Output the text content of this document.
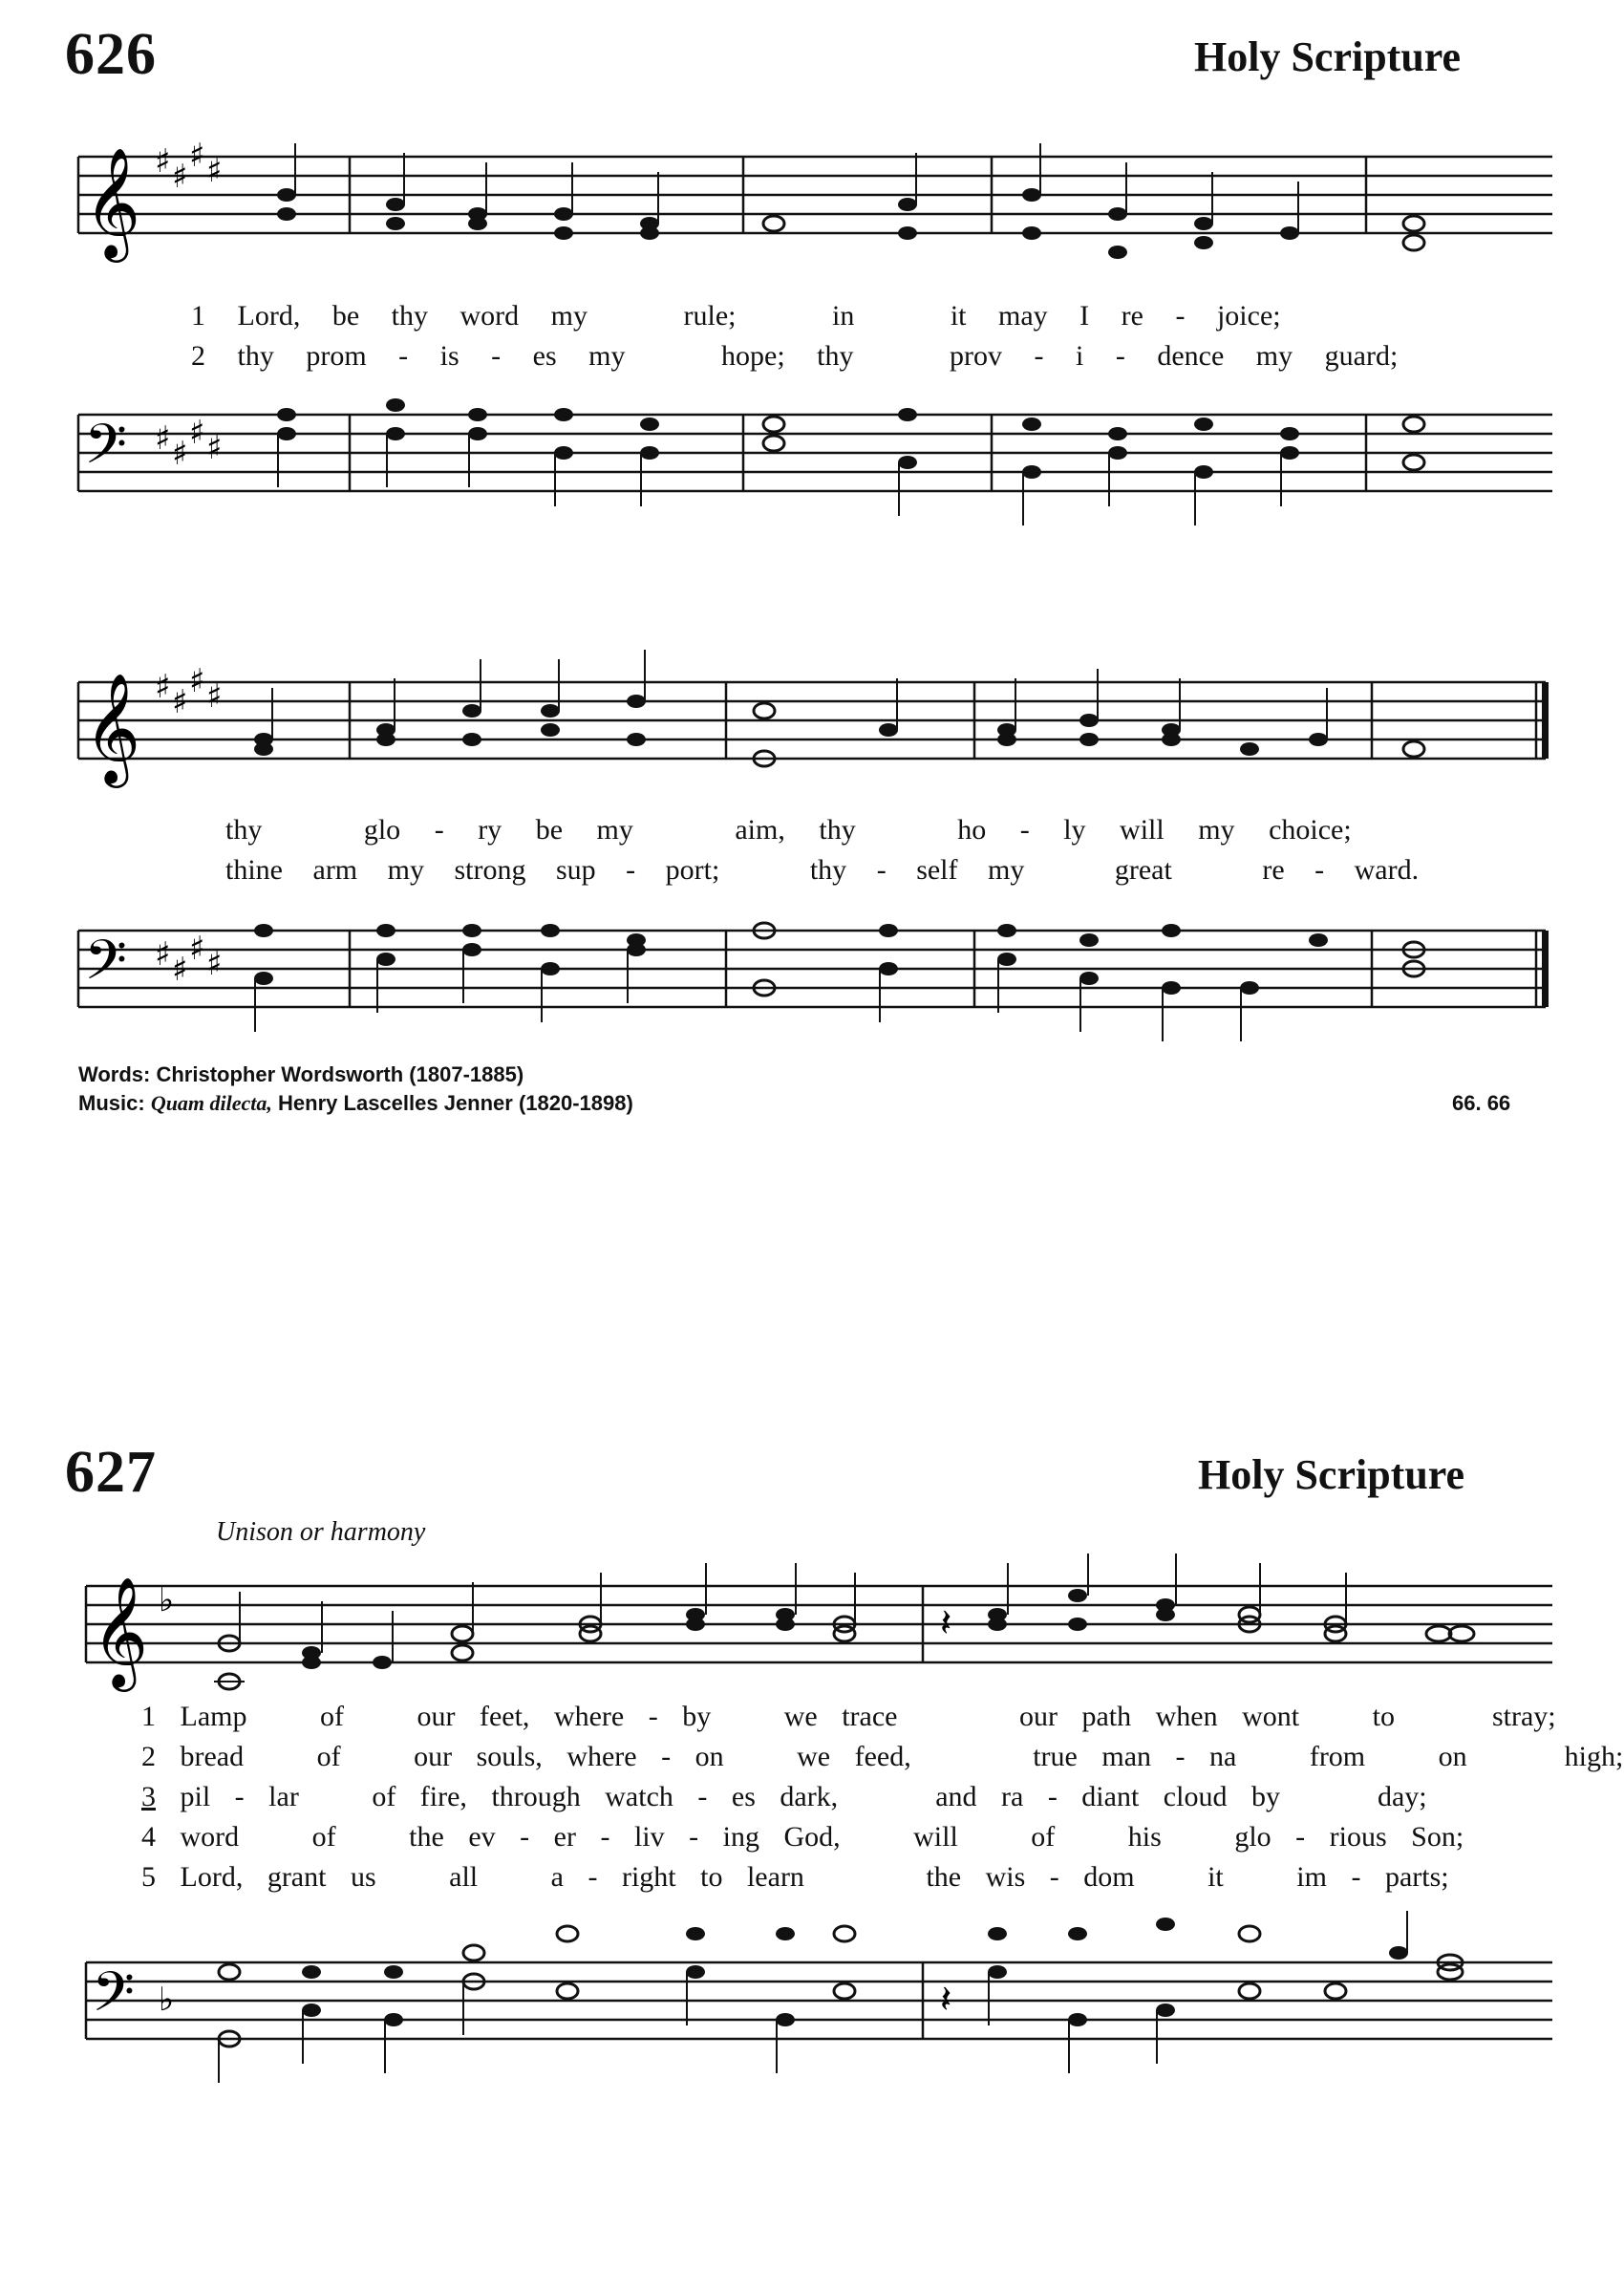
626	Holy Scripture
𝄞 ♯ ♯
♯ ♯
1 Lord, be thy word my	rule;	in	it may I re - joice;
2 thy prom - is - es my	hope; thy	prov - i - dence my guard;
𝄢 ♯ ♯
♯ ♯
𝄞 ♯ ♯
♯ ♯
thy	glo - ry be my	aim, thy	ho - ly will my choice;
thine arm my strong sup - port;	thy - self my	great	re - ward.
𝄢 ♯ ♯
♯ ♯
Words: Christopher Wordsworth (1807-1885)
Music: Quam dilecta, Henry Lascelles Jenner (1820-1898)	66. 66
627	Holy Scripture
Unison or harmony
𝄞 ♭
𝄽
1 Lamp	of	our feet, where - by	we trace	our path when wont	to	stray;
2 bread	of	our souls, where - on	we feed,	true man - na	from	on	high;
3 pil - lar	of fire, through watch - es dark,	and ra - diant cloud by	day;
4 word	of	the ev - er - liv - ing God,	will	of	his	glo - rious Son;
5 Lord, grant us	all	a - right to learn	the wis - dom	it	im - parts;
𝄢 ♭	𝄽
